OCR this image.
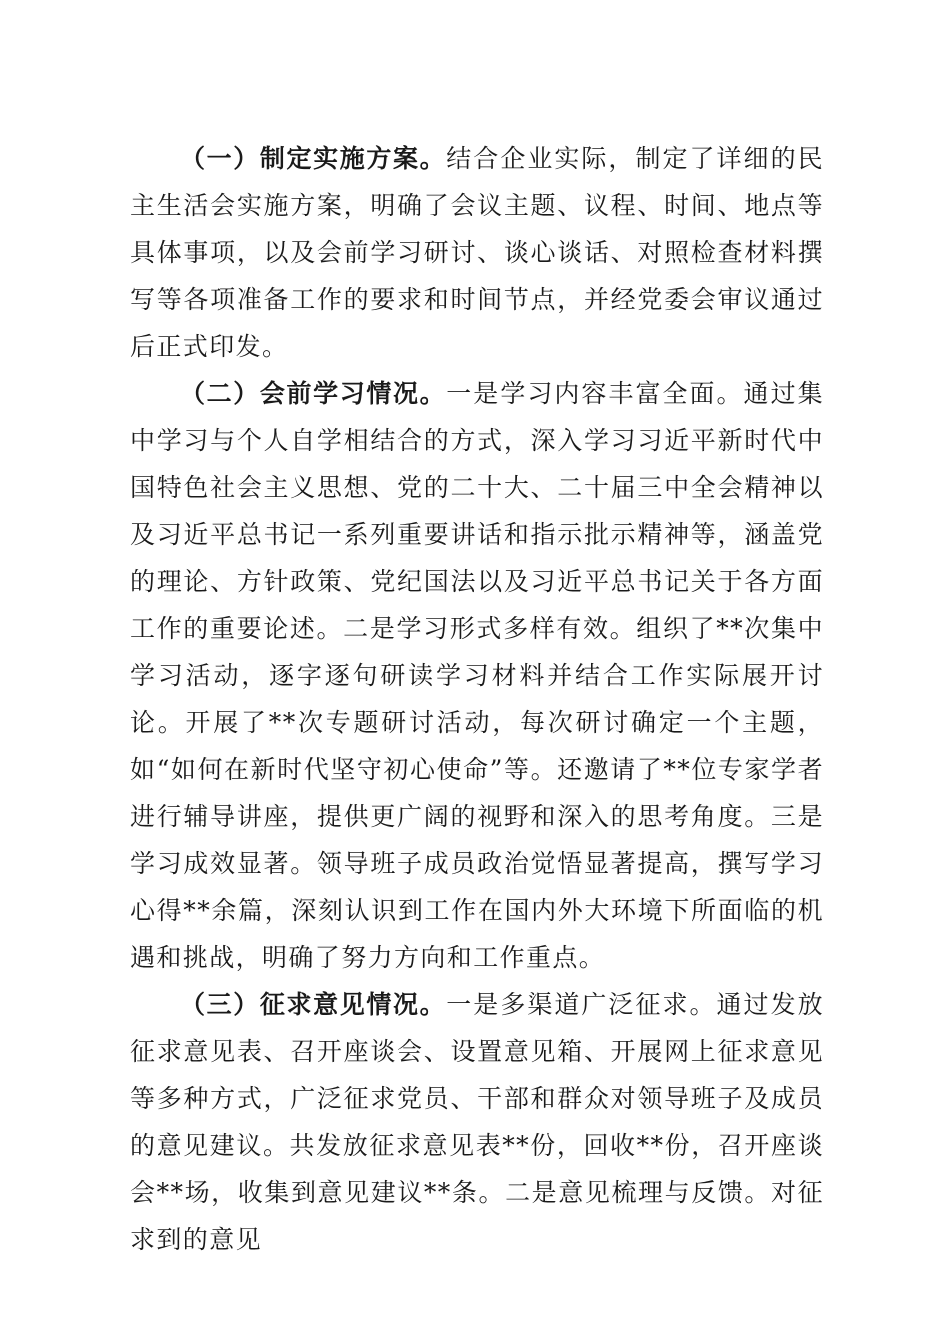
（一）制定实施方案。结合企业实际，制定了详细的民主生活会实施方案，明确了会议主题、议程、时间、地点等具体事项，以及会前学习研讨、谈心谈话、对照检查材料撰写等各项准备工作的要求和时间节点，并经党委会审议通过后正式印发。

（二）会前学习情况。一是学习内容丰富全面。通过集中学习与个人自学相结合的方式，深入学习习近平新时代中国特色社会主义思想、党的二十大、二十届三中全会精神以及习近平总书记一系列重要讲话和指示批示精神等，涵盖党的理论、方针政策、党纪国法以及习近平总书记关于各方面工作的重要论述。二是学习形式多样有效。组织了**次集中学习活动，逐字逐句研读学习材料并结合工作实际展开讨论。开展了**次专题研讨活动，每次研讨确定一个主题，如“如何在新时代坚守初心使命”等。还邀请了**位专家学者进行辅导讲座，提供更广阔的视野和深入的思考角度。三是学习成效显著。领导班子成员政治觉悟显著提高，撰写学习心得**余篇，深刻认识到工作在国内外大环境下所面临的机遇和挑战，明确了努力方向和工作重点。

（三）征求意见情况。一是多渠道广泛征求。通过发放征求意见表、召开座谈会、设置意见箱、开展网上征求意见等多种方式，广泛征求党员、干部和群众对领导班子及成员的意见建议。共发放征求意见表**份，回收**份，召开座谈会**场，收集到意见建议**条。二是意见梳理与反馈。对征求到的意见
